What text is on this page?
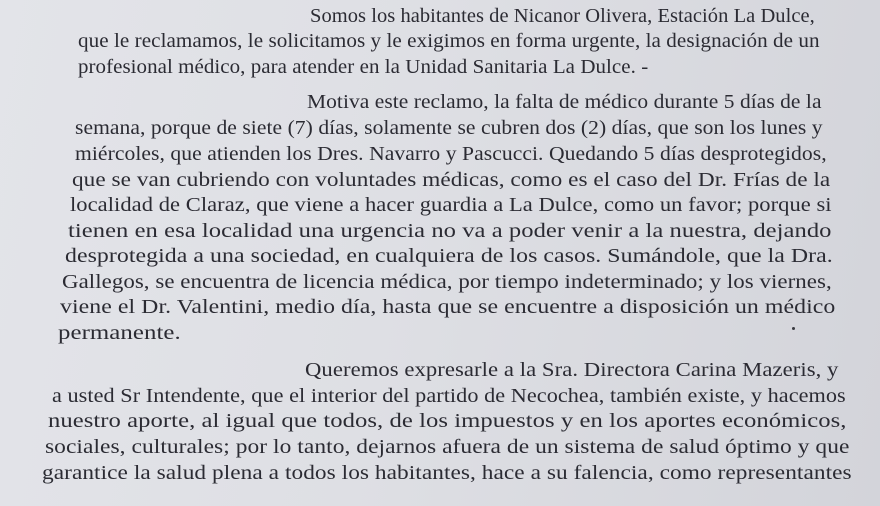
Somos los habitantes de Nicanor Olivera, Estación La Dulce,
que le reclamamos, le solicitamos y le exigimos en forma urgente, la designación de un
profesional médico, para atender en la Unidad Sanitaria La Dulce. -
Motiva este reclamo, la falta de médico durante 5 días de la
semana, porque de siete (7) días, solamente se cubren dos (2) días, que son los lunes y
miércoles, que atienden los Dres. Navarro y Pascucci. Quedando 5 días desprotegidos,
que se van cubriendo con voluntades médicas, como es el caso del Dr. Frías de la
localidad de Claraz, que viene a hacer guardia a La Dulce, como un favor; porque si
tienen en esa localidad una urgencia no va a poder venir a la nuestra, dejando
desprotegida a una sociedad, en cualquiera de los casos. Sumándole, que la Dra.
Gallegos, se encuentra de licencia médica, por tiempo indeterminado; y los viernes,
viene el Dr. Valentini, medio día, hasta que se encuentre a disposición un médico
permanente.
Queremos expresarle a la Sra. Directora Carina Mazeris, y
a usted Sr Intendente, que el interior del partido de Necochea, también existe, y hacemos
nuestro aporte, al igual que todos, de los impuestos y en los aportes económicos,
sociales, culturales; por lo tanto, dejarnos afuera de un sistema de salud óptimo y que
garantice la salud plena a todos los habitantes, hace a su falencia, como representantes
